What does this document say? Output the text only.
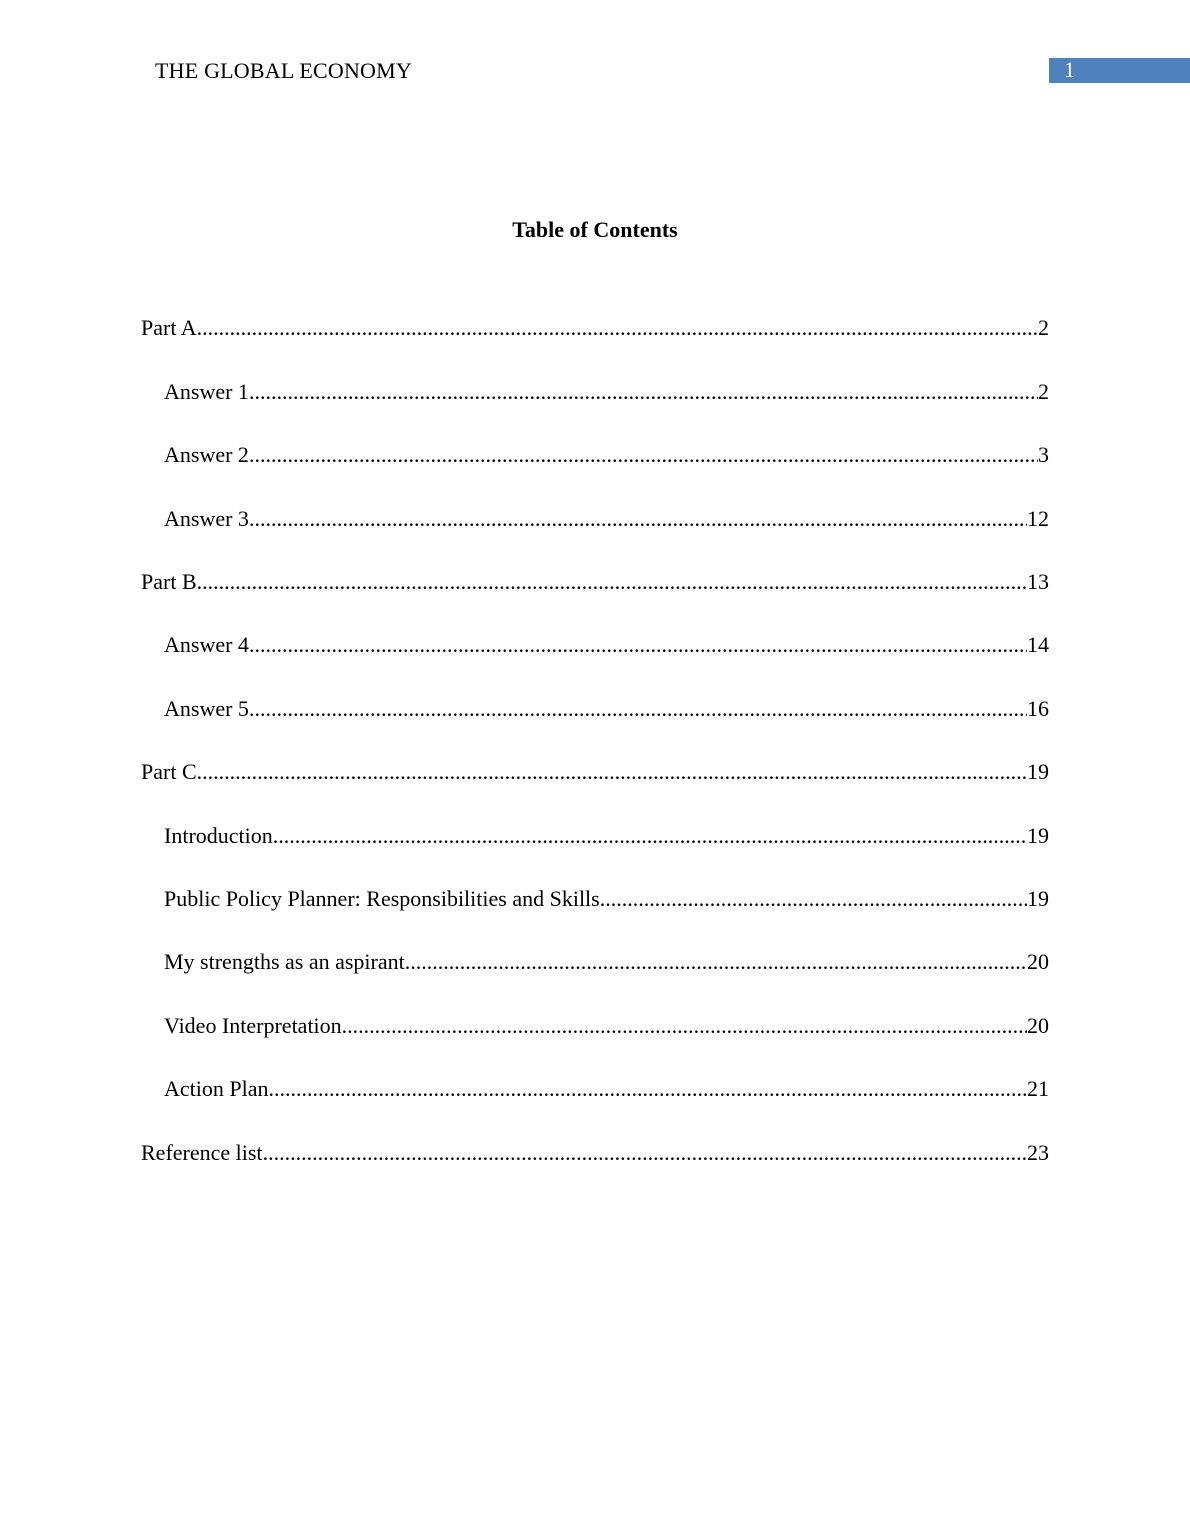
THE GLOBAL ECONOMY	1
Table of Contents
Part A .....	2
Answer 1 .....	2
Answer 2 .....	3
Answer 3 .....	12
Part B .....	13
Answer 4 .....	14
Answer 5 .....	16
Part C .....	19
Introduction .....	19
Public Policy Planner: Responsibilities and Skills .....	19
My strengths as an aspirant .....	20
Video Interpretation .....	20
Action Plan .....	21
Reference list .....	23
